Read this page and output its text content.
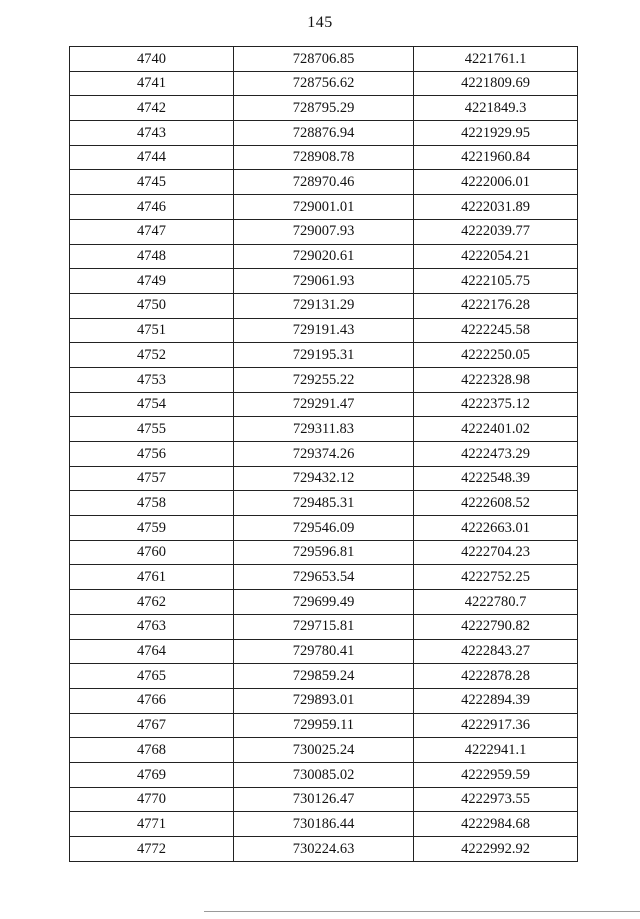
145
4740	728706.85	4221761.1
4741	728756.62	4221809.69
4742	728795.29	4221849.3
4743	728876.94	4221929.95
4744	728908.78	4221960.84
4745	728970.46	4222006.01
4746	729001.01	4222031.89
4747	729007.93	4222039.77
4748	729020.61	4222054.21
4749	729061.93	4222105.75
4750	729131.29	4222176.28
4751	729191.43	4222245.58
4752	729195.31	4222250.05
4753	729255.22	4222328.98
4754	729291.47	4222375.12
4755	729311.83	4222401.02
4756	729374.26	4222473.29
4757	729432.12	4222548.39
4758	729485.31	4222608.52
4759	729546.09	4222663.01
4760	729596.81	4222704.23
4761	729653.54	4222752.25
4762	729699.49	4222780.7
4763	729715.81	4222790.82
4764	729780.41	4222843.27
4765	729859.24	4222878.28
4766	729893.01	4222894.39
4767	729959.11	4222917.36
4768	730025.24	4222941.1
4769	730085.02	4222959.59
4770	730126.47	4222973.55
4771	730186.44	4222984.68
4772	730224.63	4222992.92
